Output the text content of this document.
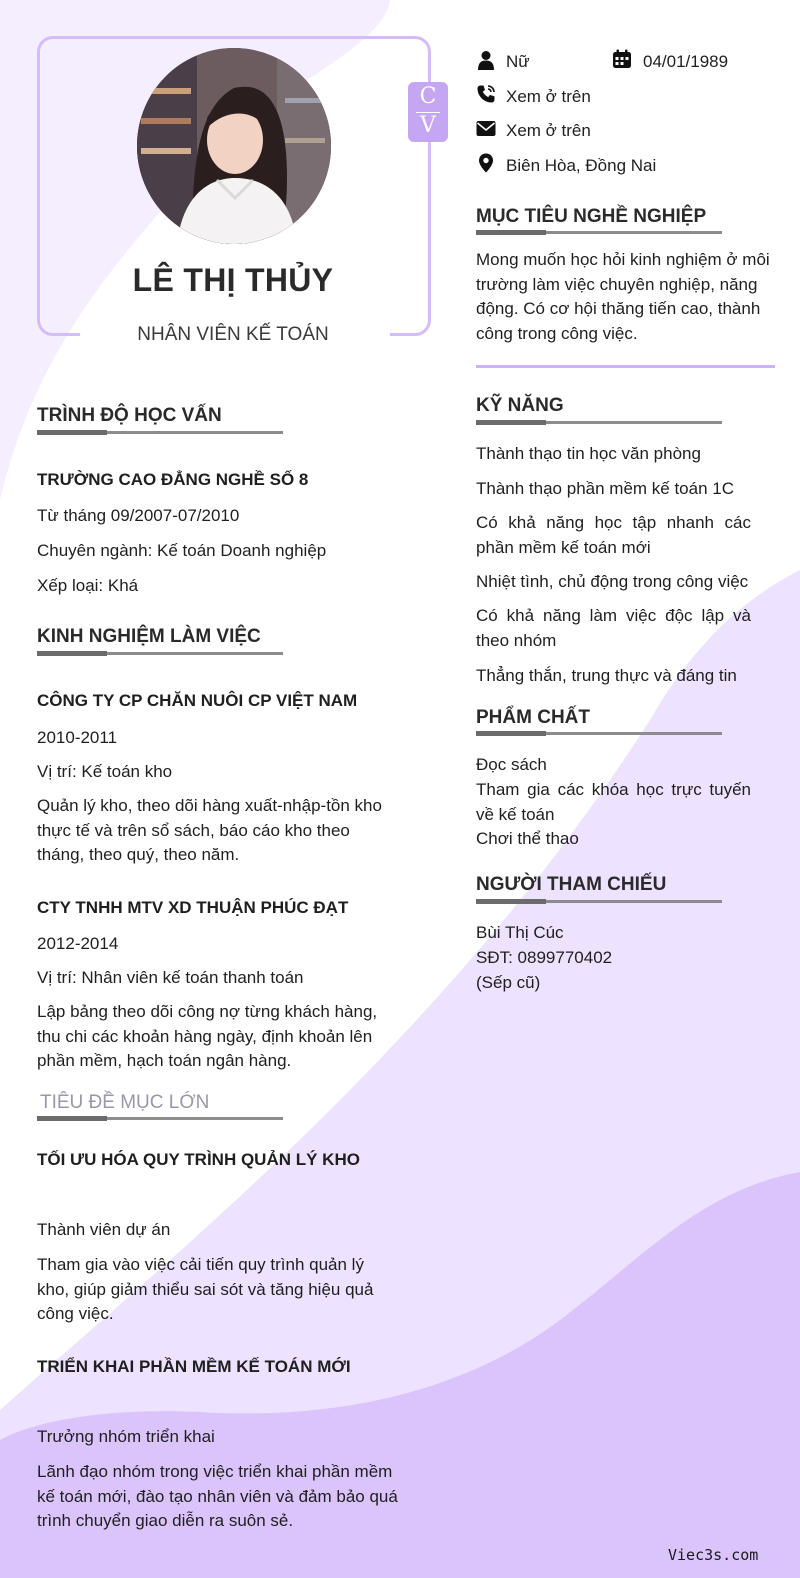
LÊ THỊ THỦY
NHÂN VIÊN KẾ TOÁN
C
V
Nữ	04/01/1989
Xem ở trên
Xem ở trên
Biên Hòa, Đồng Nai
MỤC TIÊU NGHỀ NGHIỆP
Mong muốn học hỏi kinh nghiệm ở môi trường làm việc chuyên nghiệp, năng động. Có cơ hội thăng tiến cao, thành công trong công việc.
TRÌNH ĐỘ HỌC VẤN
TRƯỜNG CAO ĐẲNG NGHỀ SỐ 8
Từ tháng 09/2007-07/2010
Chuyên ngành: Kế toán Doanh nghiệp
Xếp loại: Khá
KINH NGHIỆM LÀM VIỆC
CÔNG TY CP CHĂN NUÔI CP VIỆT NAM
2010-2011
Vị trí: Kế toán kho
Quản lý kho, theo dõi hàng xuất-nhập-tồn kho thực tế và trên sổ sách, báo cáo kho theo tháng, theo quý, theo năm.
CTY TNHH MTV XD THUẬN PHÚC ĐẠT
2012-2014
Vị trí: Nhân viên kế toán thanh toán
Lập bảng theo dõi công nợ từng khách hàng, thu chi các khoản hàng ngày, định khoản lên phần mềm, hạch toán ngân hàng.
TIÊU ĐỀ MỤC LỚN
TỐI ƯU HÓA QUY TRÌNH QUẢN LÝ KHO
Thành viên dự án
Tham gia vào việc cải tiến quy trình quản lý kho, giúp giảm thiểu sai sót và tăng hiệu quả công việc.
TRIỂN KHAI PHẦN MỀM KẾ TOÁN MỚI
Trưởng nhóm triển khai
Lãnh đạo nhóm trong việc triển khai phần mềm kế toán mới, đào tạo nhân viên và đảm bảo quá trình chuyển giao diễn ra suôn sẻ.
KỸ NĂNG
Thành thạo tin học văn phòng
Thành thạo phần mềm kế toán 1C
Có khả năng học tập nhanh các phần mềm kế toán mới
Nhiệt tình, chủ động trong công việc
Có khả năng làm việc độc lập và theo nhóm
Thẳng thắn, trung thực và đáng tin
PHẨM CHẤT
Đọc sách
Tham gia các khóa học trực tuyến về kế toán
Chơi thể thao
NGƯỜI THAM CHIẾU
Bùi Thị Cúc
SĐT: 0899770402
(Sếp cũ)
Viec3s.com
